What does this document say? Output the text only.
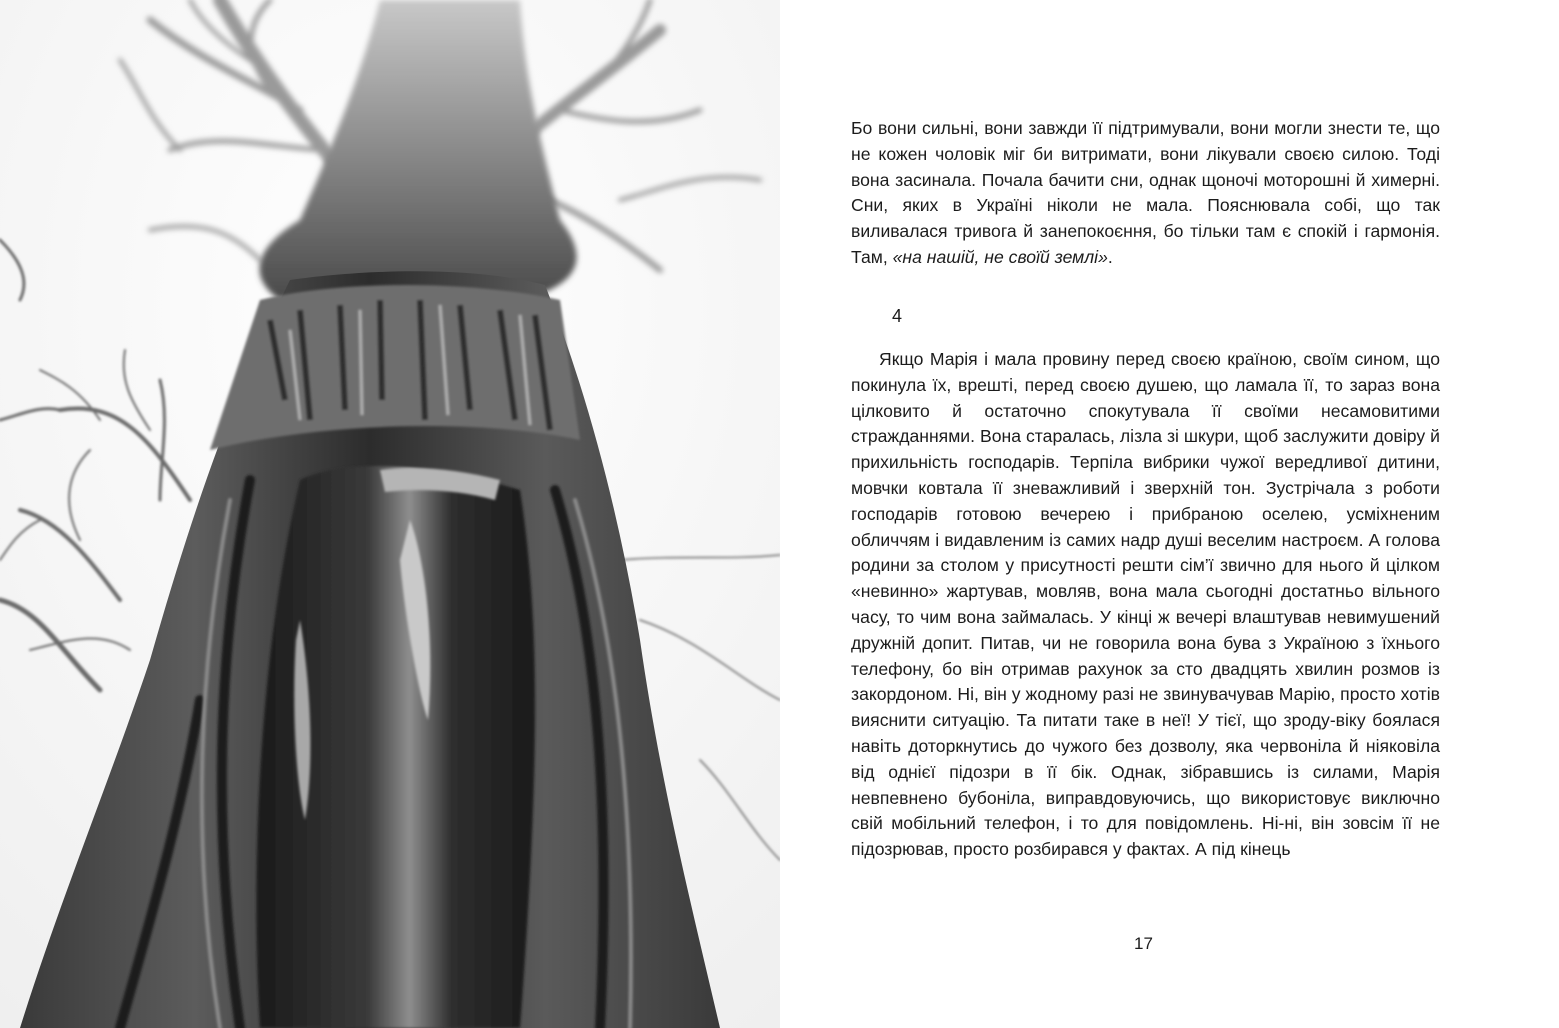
Бо вони сильні, вони завжди її підтримували, вони могли знести те, що не кожен чоловік міг би витримати, вони лікували своєю силою. Тоді вона засинала. Почала бачити сни, однак щоночі моторошні й химерні. Сни, яких в Україні ніколи не мала. Пояснювала собі, що так виливалася тривога й занепокоєння, бо тільки там є спокій і гармонія. Там, «на нашій, не своїй землі».

4

Якщо Марія і мала провину перед своєю країною, своїм сином, що покинула їх, врешті, перед своєю душею, що ламала її, то зараз вона цілковито й остаточно спокутувала її своїми несамовитими стражданнями. Вона старалась, лізла зі шкури, щоб заслужити довіру й прихильність господарів. Терпіла вибрики чужої вередливої дитини, мовчки ковтала її зневажливий і зверхній тон. Зустрічала з роботи господарів готовою вечерею і прибраною оселею, усміхненим обличчям і видавленим із самих надр душі веселим настроєм. А голова родини за столом у присутності решти сім’ї звично для нього й цілком «невинно» жартував, мовляв, вона мала сьогодні достатньо вільного часу, то чим вона займалась. У кінці ж вечері влаштував невимушений дружній допит. Питав, чи не говорила вона бува з Україною з їхнього телефону, бо він отримав рахунок за сто двадцять хвилин розмов із закордоном. Ні, він у жодному разі не звинувачував Марію, просто хотів вияснити ситуацію. Та питати таке в неї! У тієї, що зроду-віку боялася навіть доторкнутись до чужого без дозволу, яка червоніла й ніяковіла від однієї підозри в її бік. Однак, зібравшись із силами, Марія невпевнено бубоніла, виправдовуючись, що використовує виключно свій мобільний телефон, і то для повідомлень. Ні-ні, він зовсім її не підозрював, просто розбирався у фактах. А під кінець

17
